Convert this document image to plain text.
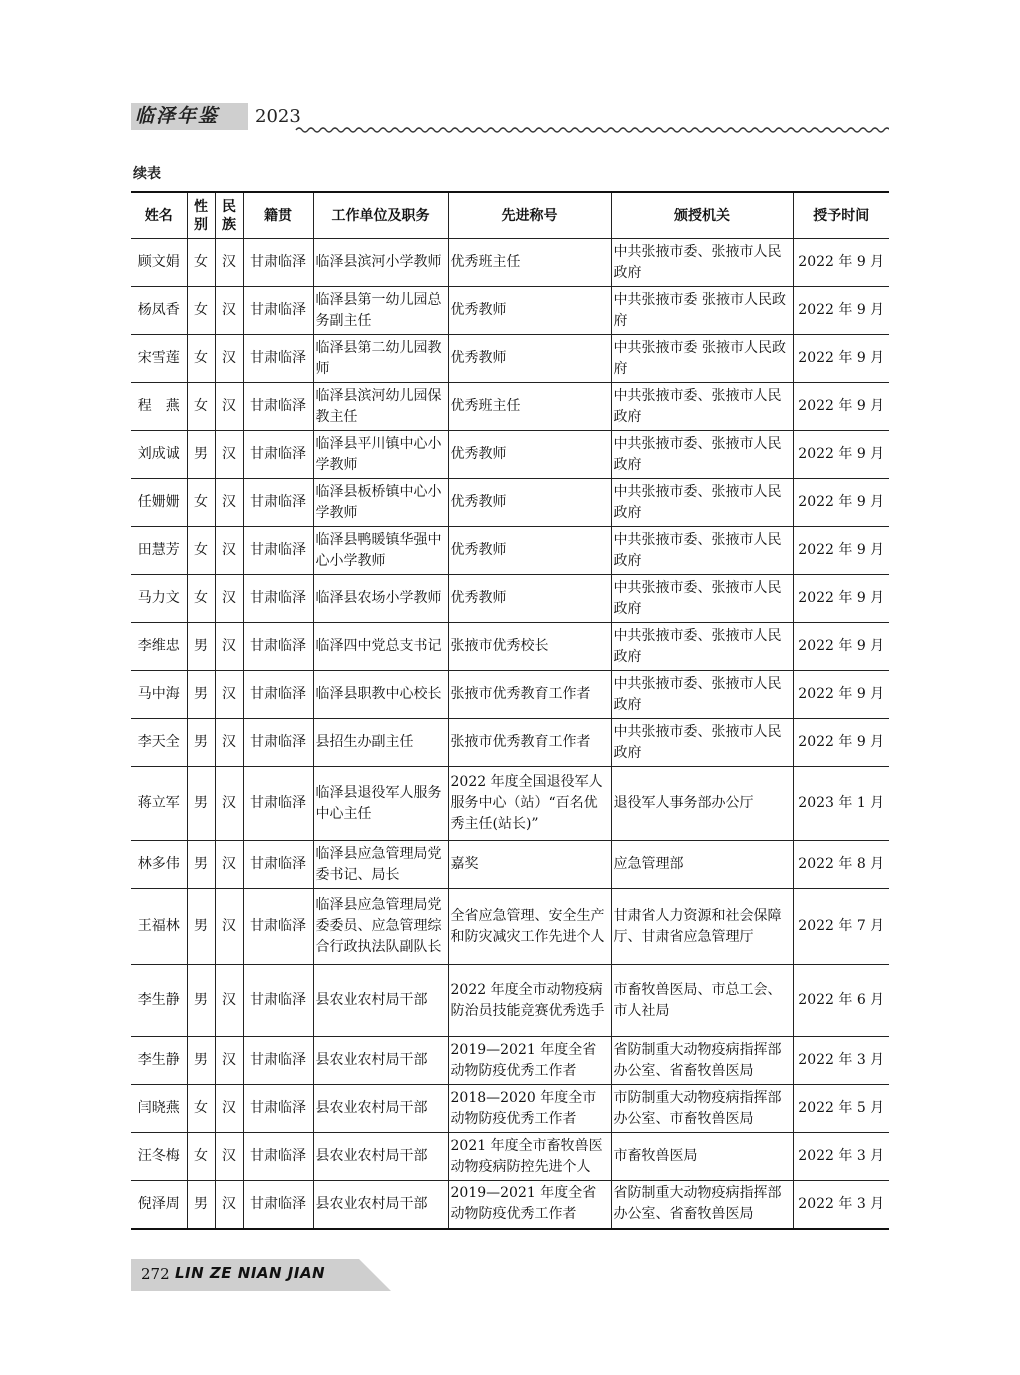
临泽年鉴	2023
续表
姓名	性别	民族	籍贯	工作单位及职务	先进称号	颁授机关	授予时间
顾文娟	女	汉	甘肃临泽	临泽县滨河小学教师	优秀班主任	中共张掖市委、张掖市人民政府	2022 年 9 月
杨凤香	女	汉	甘肃临泽	临泽县第一幼儿园总务副主任	优秀教师	中共张掖市委 张掖市人民政府	2022 年 9 月
宋雪莲	女	汉	甘肃临泽	临泽县第二幼儿园教师	优秀教师	中共张掖市委 张掖市人民政府	2022 年 9 月
程　燕	女	汉	甘肃临泽	临泽县滨河幼儿园保教主任	优秀班主任	中共张掖市委、张掖市人民政府	2022 年 9 月
刘成诚	男	汉	甘肃临泽	临泽县平川镇中心小学教师	优秀教师	中共张掖市委、张掖市人民政府	2022 年 9 月
任姗姗	女	汉	甘肃临泽	临泽县板桥镇中心小学教师	优秀教师	中共张掖市委、张掖市人民政府	2022 年 9 月
田慧芳	女	汉	甘肃临泽	临泽县鸭暖镇华强中心小学教师	优秀教师	中共张掖市委、张掖市人民政府	2022 年 9 月
马力文	女	汉	甘肃临泽	临泽县农场小学教师	优秀教师	中共张掖市委、张掖市人民政府	2022 年 9 月
李维忠	男	汉	甘肃临泽	临泽四中党总支书记	张掖市优秀校长	中共张掖市委、张掖市人民政府	2022 年 9 月
马中海	男	汉	甘肃临泽	临泽县职教中心校长	张掖市优秀教育工作者	中共张掖市委、张掖市人民政府	2022 年 9 月
李天全	男	汉	甘肃临泽	县招生办副主任	张掖市优秀教育工作者	中共张掖市委、张掖市人民政府	2022 年 9 月
蒋立军	男	汉	甘肃临泽	临泽县退役军人服务中心主任	2022 年度全国退役军人服务中心（站）“百名优秀主任(站长)”	退役军人事务部办公厅	2023 年 1 月
林多伟	男	汉	甘肃临泽	临泽县应急管理局党委书记、局长	嘉奖	应急管理部	2022 年 8 月
王福林	男	汉	甘肃临泽	临泽县应急管理局党委委员、应急管理综合行政执法队副队长	全省应急管理、安全生产和防灾减灾工作先进个人	甘肃省人力资源和社会保障厅、甘肃省应急管理厅	2022 年 7 月
李生静	男	汉	甘肃临泽	县农业农村局干部	2022 年度全市动物疫病防治员技能竞赛优秀选手	市畜牧兽医局、市总工会、市人社局	2022 年 6 月
李生静	男	汉	甘肃临泽	县农业农村局干部	2019—2021 年度全省动物防疫优秀工作者	省防制重大动物疫病指挥部办公室、省畜牧兽医局	2022 年 3 月
闫晓燕	女	汉	甘肃临泽	县农业农村局干部	2018—2020 年度全市动物防疫优秀工作者	市防制重大动物疫病指挥部办公室、市畜牧兽医局	2022 年 5 月
汪冬梅	女	汉	甘肃临泽	县农业农村局干部	2021 年度全市畜牧兽医动物疫病防控先进个人	市畜牧兽医局	2022 年 3 月
倪泽周	男	汉	甘肃临泽	县农业农村局干部	2019—2021 年度全省动物防疫优秀工作者	省防制重大动物疫病指挥部办公室、省畜牧兽医局	2022 年 3 月
272 LIN ZE NIAN JIAN
